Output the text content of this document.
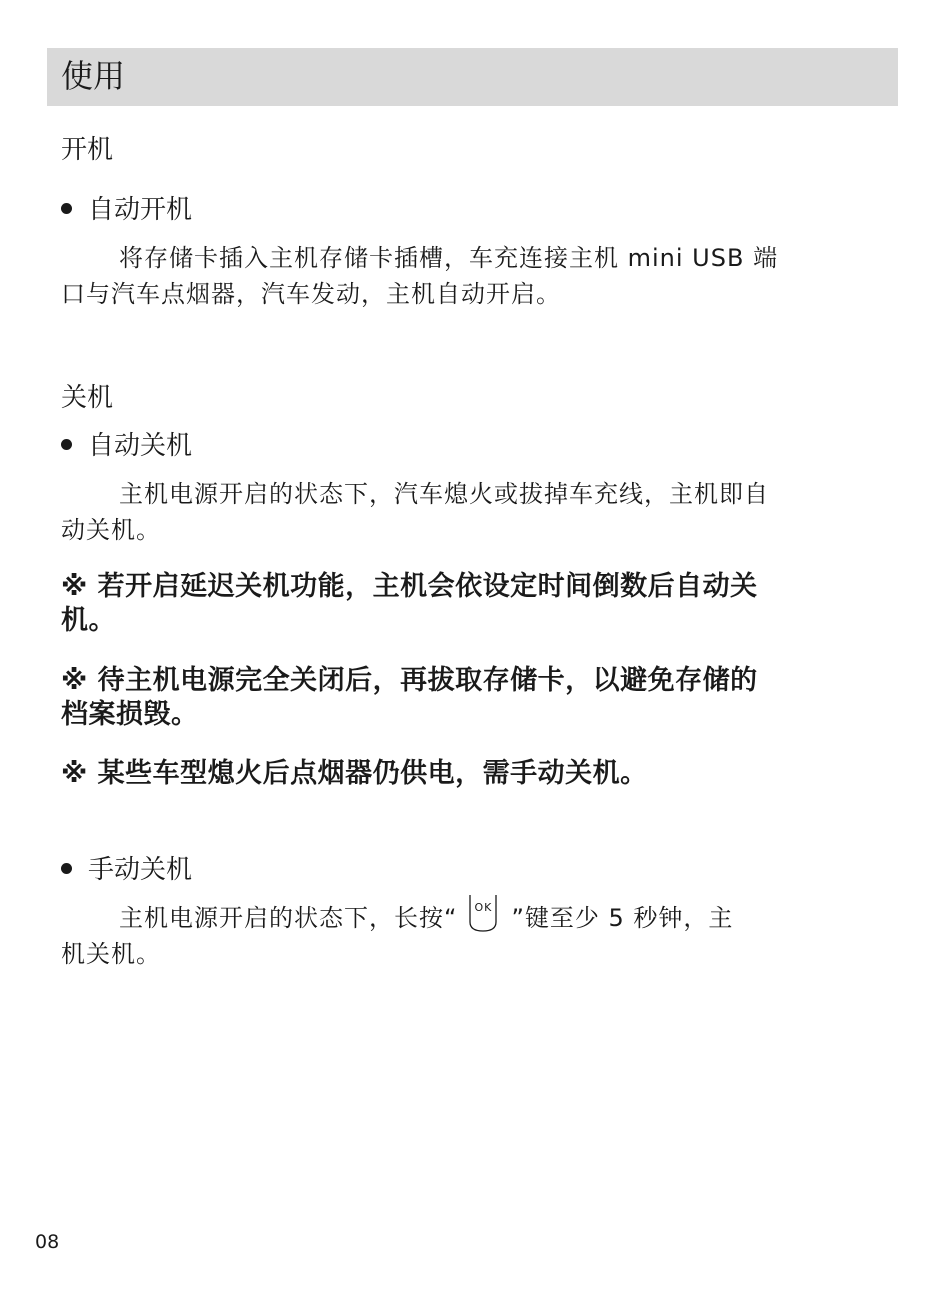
使用
开机
自动开机
将存储卡插入主机存储卡插槽，车充连接主机 mini USB 端
口与汽车点烟器，汽车发动，主机自动开启。
关机
自动关机
主机电源开启的状态下，汽车熄火或拔掉车充线，主机即自
动关机。
※ 若开启延迟关机功能，主机会依设定时间倒数后自动关
机。
※ 待主机电源完全关闭后，再拔取存储卡，以避免存储的
档案损毁。
※ 某些车型熄火后点烟器仍供电，需手动关机。
手动关机
主机电源开启的状态下，长按“	OK ”键至少 5 秒钟，主
机关机。
08
